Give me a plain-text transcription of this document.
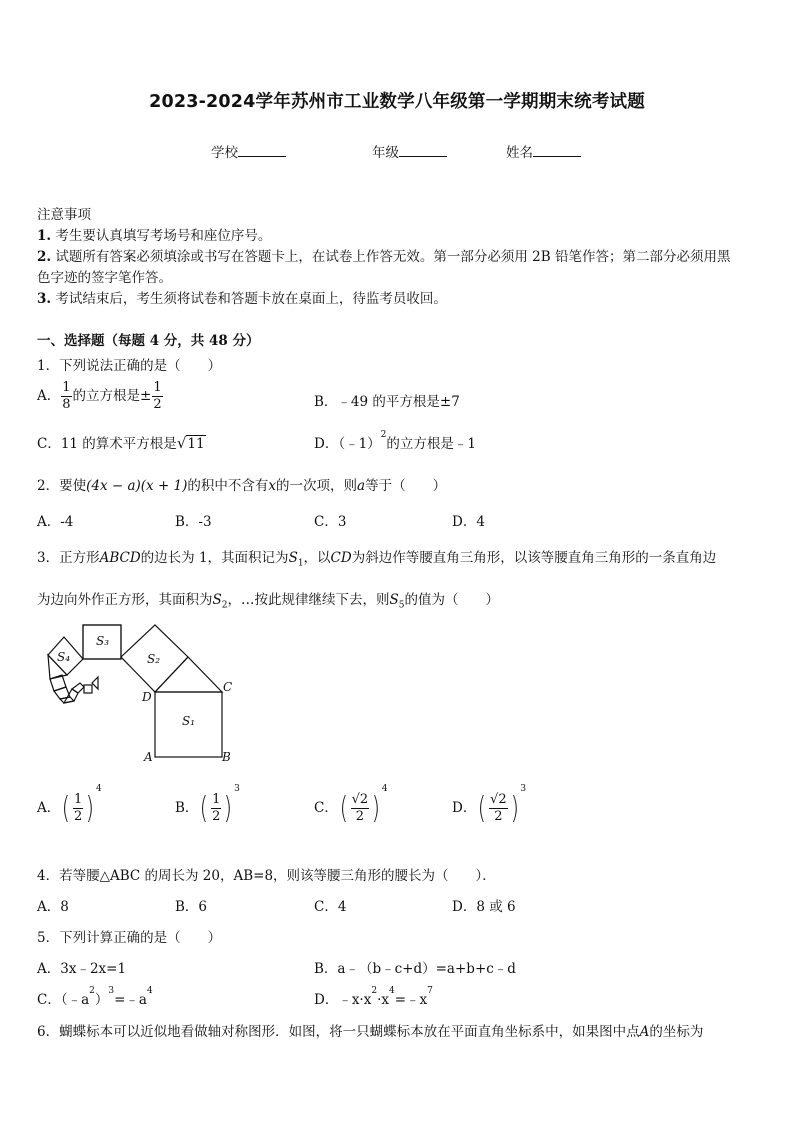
2023-2024学年苏州市工业数学八年级第一学期期末统考试题
学校	年级	姓名
注意事项
1. 考生要认真填写考场号和座位序号。
2. 试题所有答案必须填涂或书写在答题卡上，在试卷上作答无效。第一部分必须用 2B 铅笔作答；第二部分必须用黑
色字迹的签字笔作答。
3. 考试结束后，考生须将试卷和答题卡放在桌面上，待监考员收回。
一、选择题（每题 4 分，共 48 分）
1．下列说法正确的是（　　）
A． $\frac{1}{8}$ 的立方根是± $\frac{1}{2}$	B．﹣49 的平方根是±7
C．11 的算术平方根是√11	D．（﹣1）$^2$的立方根是﹣1
2．要使(4x − a)(x + 1)的积中不含有x的一次项，则a等于（　　）
A．-4	B．-3	C．3	D．4
3．正方形ABCD的边长为 1，其面积记为$S_1$，以CD为斜边作等腰直角三角形，以该等腰直角三角形的一条直角边
为边向外作正方形，其面积为$S_2$，…按此规律继续下去，则$S_5$的值为（　　）
S₁
S₂
S₃
S₄
A	B
C
D
A．( $\frac{1}{2} )^4$
B．( $\frac{1}{2} )^3$
C．( $\frac{√2}{2} )^4$
D．( $\frac{√2}{2} )^3$
4．若等腰△ABC 的周长为 20，AB=8，则该等腰三角形的腰长为（　　）．
A．8	B．6	C．4	D．8 或 6
5．下列计算正确的是（　　）
A．3x﹣2x=1	B．a﹣（b﹣c+d）=a+b+c﹣d
C．$(﹣a^2)^3=﹣a^4$
D．$﹣x\cdot x^2\cdot x^4=﹣x^7$
6．蝴蝶标本可以近似地看做轴对称图形．如图，将一只蝴蝶标本放在平面直角坐标系中，如果图中点A的坐标为
